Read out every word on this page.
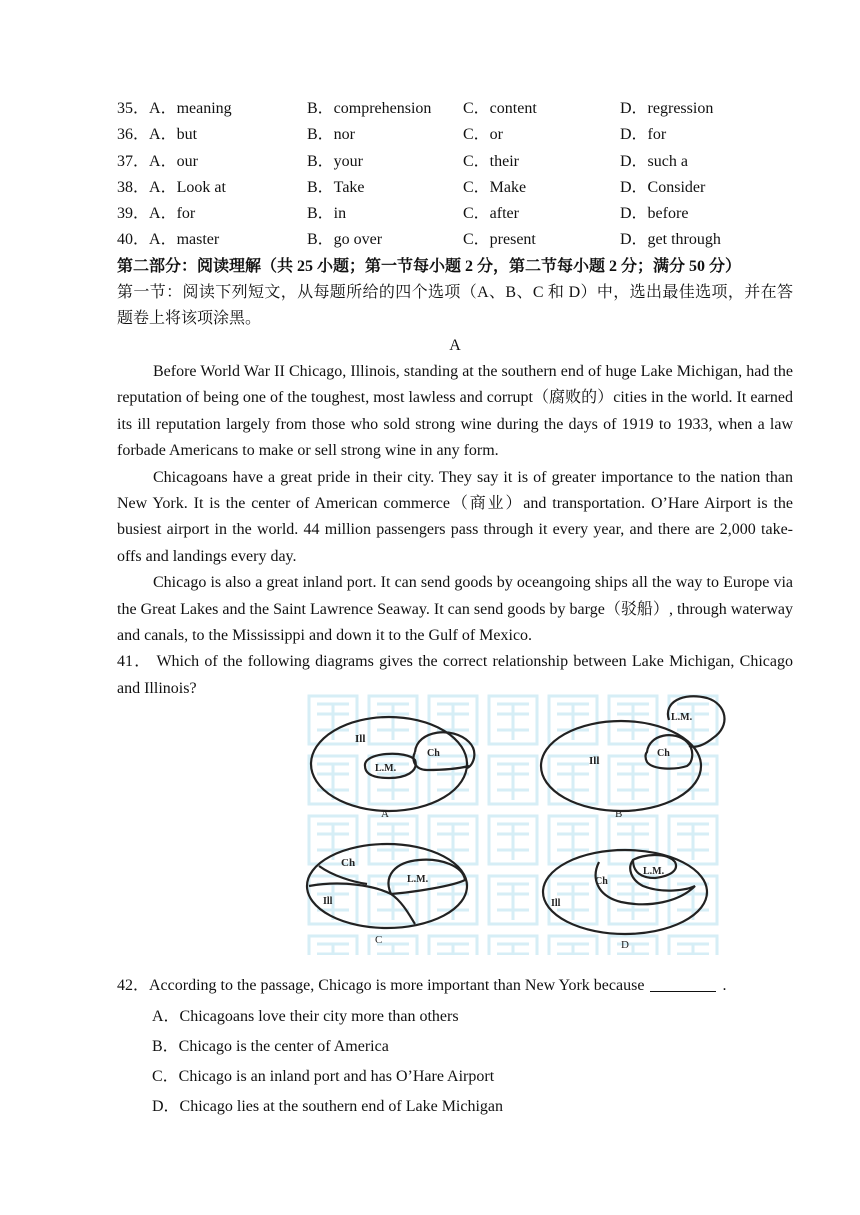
35．A．meaning	B．comprehension C．content	D．regression
36．A．but	B．nor	C．or	D．for
37．A．our	B．your	C．their	D．such a
38．A．Look at	B．Take	C．Make	D．Consider
39．A．for	B．in	C．after	D．before
40．A．master	B．go over	C．present	D．get through
第二部分：阅读理解（共 25 小题；第一节每小题 2 分，第二节每小题 2 分；满分 50 分）
第一节：阅读下列短文，从每题所给的四个选项（A、B、C 和 D）中，选出最佳选项，并在答题卷上将该项涂黑。
A

Before World War II Chicago, Illinois, standing at the southern end of huge Lake Michigan, had the reputation of being one of the toughest, most lawless and corrupt（腐败的）cities in the world. It earned its ill reputation largely from those who sold strong wine during the days of 1919 to 1933, when a law forbade Americans to make or sell strong wine in any form.

Chicagoans have a great pride in their city. They say it is of greater importance to the nation than New York. It is the center of American commerce（商业）and transportation. O’Hare Airport is the busiest airport in the world. 44 million passengers pass through it every year, and there are 2,000 take-offs and landings every day.

Chicago is also a great inland port. It can send goods by oceangoing ships all the way to Europe via the Great Lakes and the Saint Lawrence Seaway. It can send goods by barge（驳船）, through waterway and canals, to the Mississippi and down it to the Gulf of Mexico.

41． Which of the following diagrams gives the correct relationship between Lake Michigan, Chicago and Illinois?

Ill
Ch
L.M.
A
Ill
Ch
L.M.
B
Ch
L.M.
Ill
C
Ch
L.M.
Ill
D
42．According to the passage, Chicago is more important than New York because	.
A．Chicagoans love their city more than others
B．Chicago is the center of America
C．Chicago is an inland port and has O’Hare Airport
D．Chicago lies at the southern end of Lake Michigan
